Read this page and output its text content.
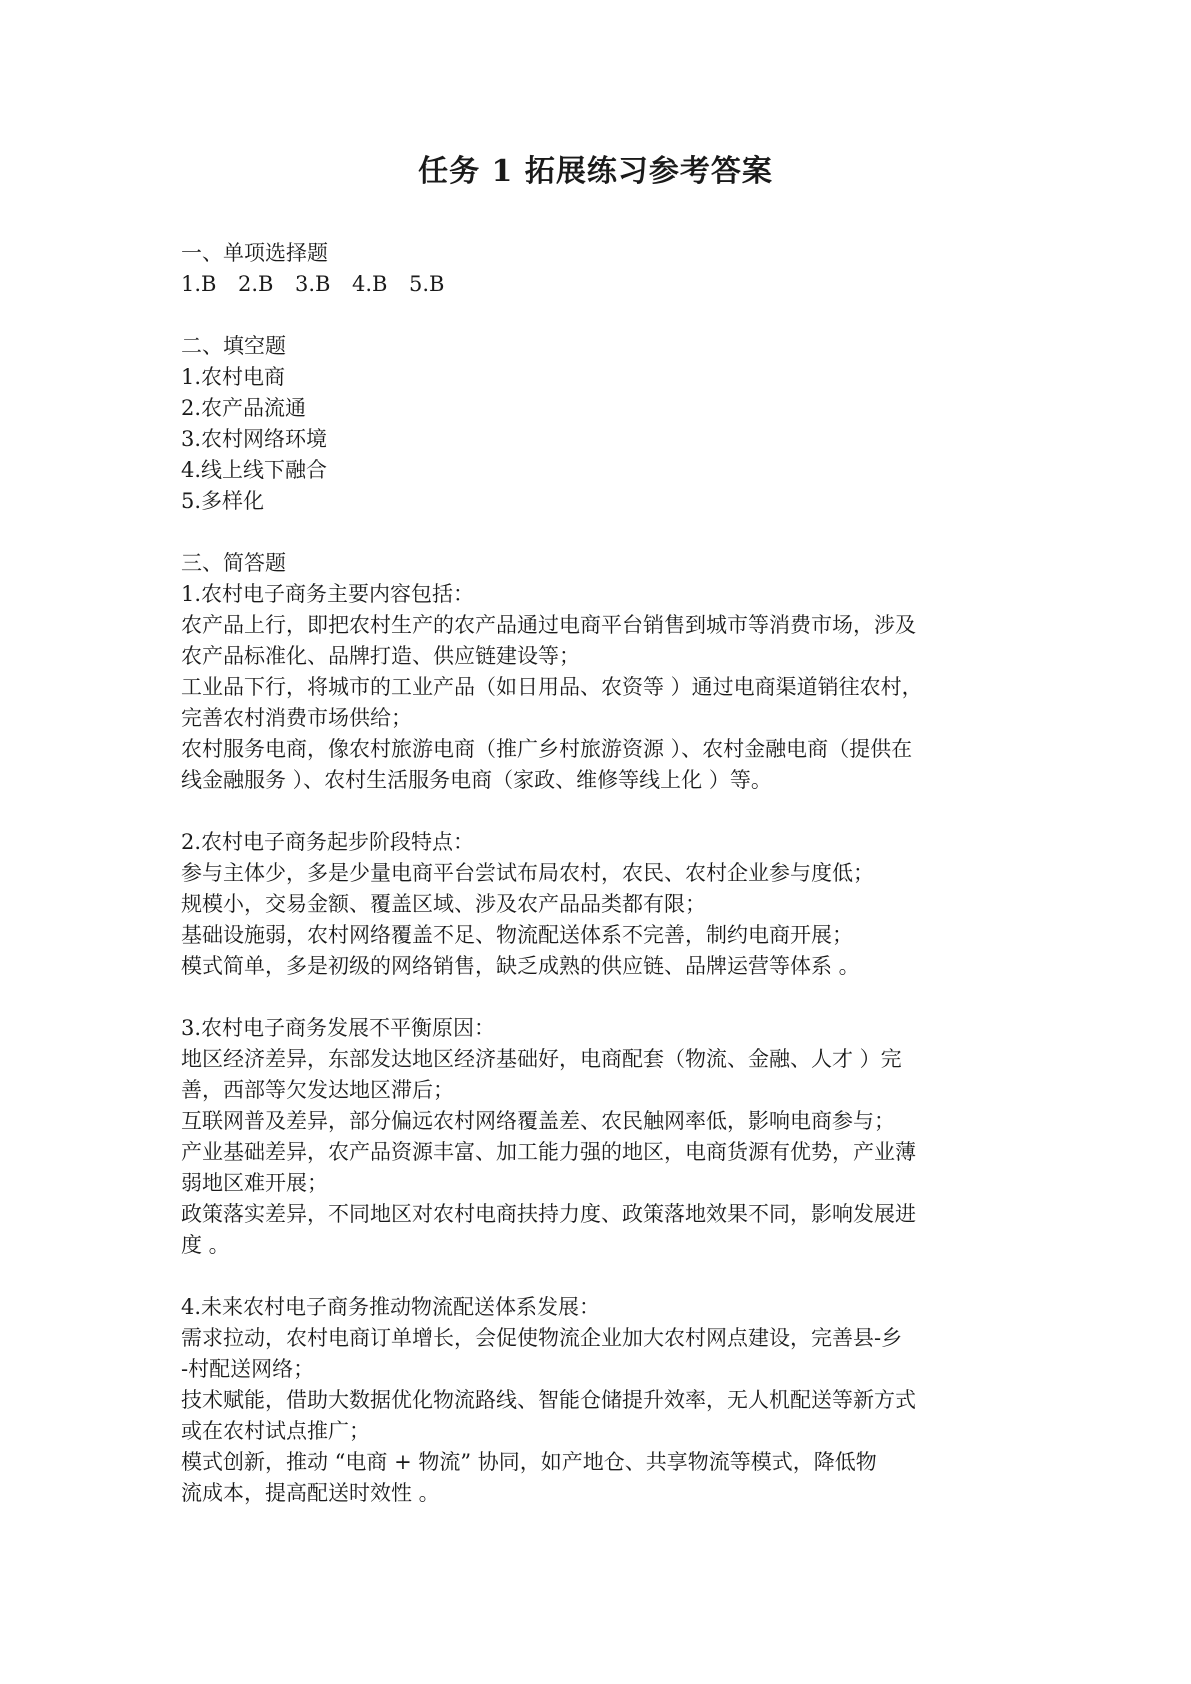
任务 1 拓展练习参考答案

一、单项选择题

1.B	2.B	3.B	4.B	5.B

二、填空题

1.农村电商

2.农产品流通

3.农村网络环境

4.线上线下融合

5.多样化

三、简答题

1.农村电子商务主要内容包括：

农产品上行，即把农村生产的农产品通过电商平台销售到城市等消费市场，涉及

农产品标准化、品牌打造、供应链建设等；

工业品下行，将城市的工业产品（如日用品、农资等 ）通过电商渠道销往农村，

完善农村消费市场供给；

农村服务电商，像农村旅游电商（推广乡村旅游资源 ）、农村金融电商（提供在

线金融服务 ）、农村生活服务电商（家政、维修等线上化 ）等。

2.农村电子商务起步阶段特点：

参与主体少，多是少量电商平台尝试布局农村，农民、农村企业参与度低；

规模小，交易金额、覆盖区域、涉及农产品品类都有限；

基础设施弱，农村网络覆盖不足、物流配送体系不完善，制约电商开展；

模式简单，多是初级的网络销售，缺乏成熟的供应链、品牌运营等体系 。

3.农村电子商务发展不平衡原因：

地区经济差异，东部发达地区经济基础好，电商配套（物流、金融、人才 ）完

善，西部等欠发达地区滞后；

互联网普及差异，部分偏远农村网络覆盖差、农民触网率低，影响电商参与；

产业基础差异，农产品资源丰富、加工能力强的地区，电商货源有优势，产业薄

弱地区难开展；

政策落实差异，不同地区对农村电商扶持力度、政策落地效果不同，影响发展进

度 。

4.未来农村电子商务推动物流配送体系发展：

需求拉动，农村电商订单增长，会促使物流企业加大农村网点建设，完善县-乡

-村配送网络；

技术赋能，借助大数据优化物流路线、智能仓储提升效率，无人机配送等新方式

或在农村试点推广；

模式创新，推动 “电商 + 物流” 协同，如产地仓、共享物流等模式，降低物

流成本，提高配送时效性 。
